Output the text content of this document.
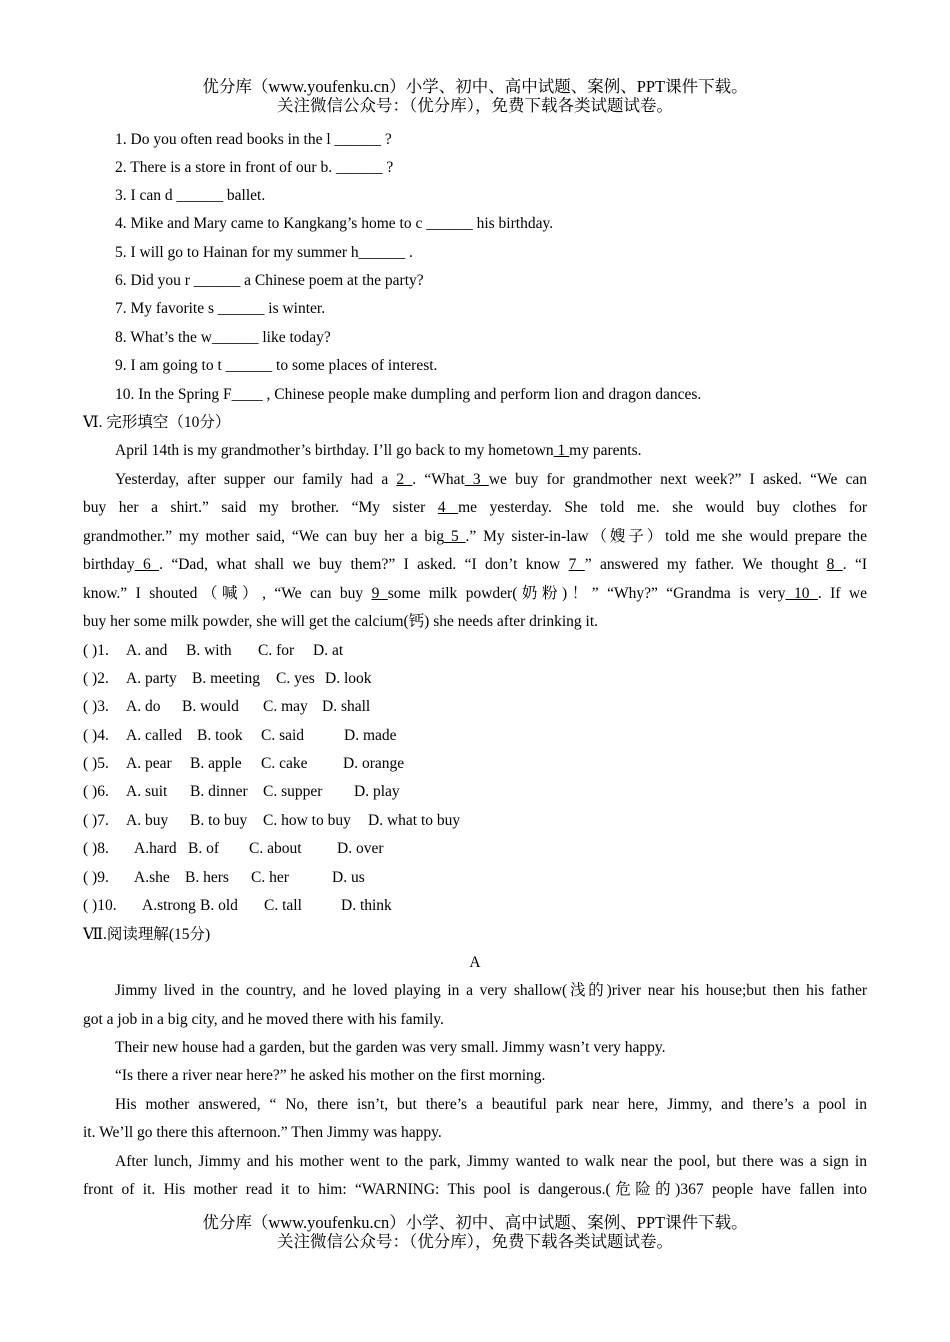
优分库（www.youfenku.cn）小学、初中、高中试题、案例、PPT课件下载。
关注微信公众号：（优分库），免费下载各类试题试卷。
1. Do you often read books in the l ______ ?
2. There is a store in front of our b. ______ ?
3. I can d ______ ballet.
4. Mike and Mary came to Kangkang’s home to c ______ his birthday.
5. I will go to Hainan for my summer h______ .
6. Did you r ______ a Chinese poem at the party?
7. My favorite s ______ is winter.
8. What’s the w______ like today?
9. I am going to t ______ to some places of interest.
10. In the Spring F____ , Chinese people make dumpling and perform lion and dragon dances.
Ⅵ. 完形填空（10分）
April 14th is my grandmother’s birthday. I’ll go back to my hometown 1 my parents.
Yesterday, after supper our family had a 2 . “What 3 we buy for grandmother next week?” I asked. “We can
buy her a shirt.” said my brother. “My sister 4 me yesterday. She told me. she would buy clothes for
grandmother.” my mother said, “We can buy her a big 5 .” My sister-in-law（嫂子）told me she would prepare the
birthday 6 . “Dad, what shall we buy them?” I asked. “I don’t know 7 ” answered my father. We thought 8 . “I
know.” I shouted（喊）, “We can buy 9 some milk powder(奶粉)！” “Why?” “Grandma is very 10 . If we
buy her some milk powder, she will get the calcium(钙) she needs after drinking it.
( )1. A. and B. with C. for D. at
( )2. A. party B. meeting C. yes D. look
( )3. A. do B. would C. may D. shall
( )4. A. called B. took C. said	D. made
( )5. A. pear B. apple C. cake D. orange
( )6. A. suit B. dinner C. supper D. play
( )7. A. buy B. to buy C. how to buy D. what to buy
( )8. A.hard B. of C. about D. over
( )9. A.she B. hers C. her	D. us
( )10. A.strong B. old C. tall	D. think
Ⅶ.阅读理解(15分)
A
Jimmy lived in the country, and he loved playing in a very shallow(浅的)river near his house;but then his father
got a job in a big city, and he moved there with his family.
Their new house had a garden, but the garden was very small. Jimmy wasn’t very happy.
“Is there a river near here?” he asked his mother on the first morning.
His mother answered, “ No, there isn’t, but there’s a beautiful park near here, Jimmy, and there’s a pool in
it. We’ll go there this afternoon.” Then Jimmy was happy.
After lunch, Jimmy and his mother went to the park, Jimmy wanted to walk near the pool, but there was a sign in
front of it. His mother read it to him: “WARNING: This pool is dangerous.(危险的)367 people have fallen into
优分库（www.youfenku.cn）小学、初中、高中试题、案例、PPT课件下载。
关注微信公众号：（优分库），免费下载各类试题试卷。
